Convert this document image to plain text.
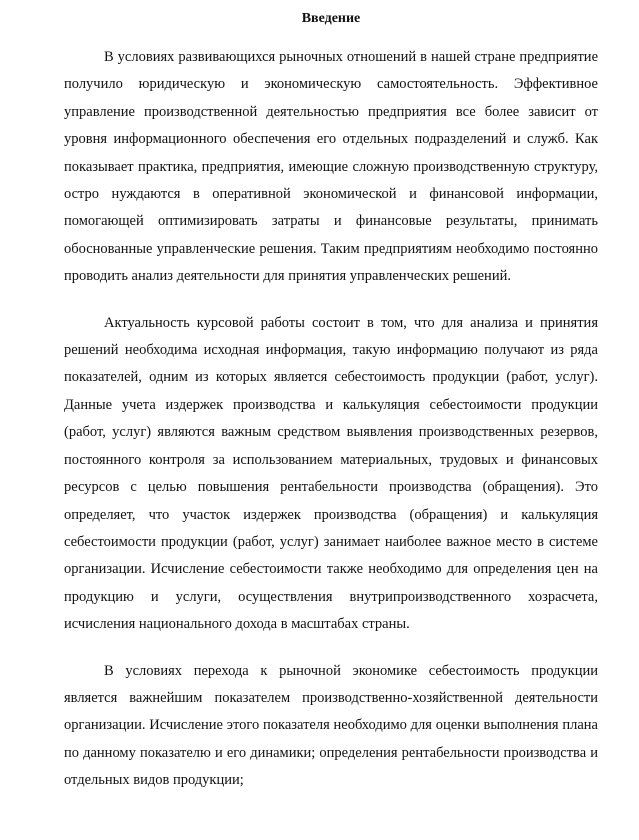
Введение

В условиях развивающихся рыночных отношений в нашей стране предприятие получило юридическую и экономическую самостоятельность. Эффективное управление производственной деятельностью предприятия все более зависит от уровня информационного обеспечения его отдельных подразделений и служб. Как показывает практика, предприятия, имеющие сложную производственную структуру, остро нуждаются в оперативной экономической и финансовой информации, помогающей оптимизировать затраты и финансовые результаты, принимать обоснованные управленческие решения. Таким предприятиям необходимо постоянно проводить анализ деятельности для принятия управленческих решений.

Актуальность курсовой работы состоит в том, что для анализа и принятия решений необходима исходная информация, такую информацию получают из ряда показателей, одним из которых является себестоимость продукции (работ, услуг). Данные учета издержек производства и калькуляция себестоимости продукции (работ, услуг) являются важным средством выявления производственных резервов, постоянного контроля за использованием материальных, трудовых и финансовых ресурсов с целью повышения рентабельности производства (обращения). Это определяет, что участок издержек производства (обращения) и калькуляция себестоимости продукции (работ, услуг) занимает наиболее важное место в системе организации. Исчисление себестоимости также необходимо для определения цен на продукцию и услуги, осуществления внутрипроизводственного хозрасчета, исчисления национального дохода в масштабах страны.

В условиях перехода к рыночной экономике себестоимость продукции является важнейшим показателем производственно-хозяйственной деятельности организации. Исчисление этого показателя необходимо для оценки выполнения плана по данному показателю и его динамики; определения рентабельности производства и отдельных видов продукции;
